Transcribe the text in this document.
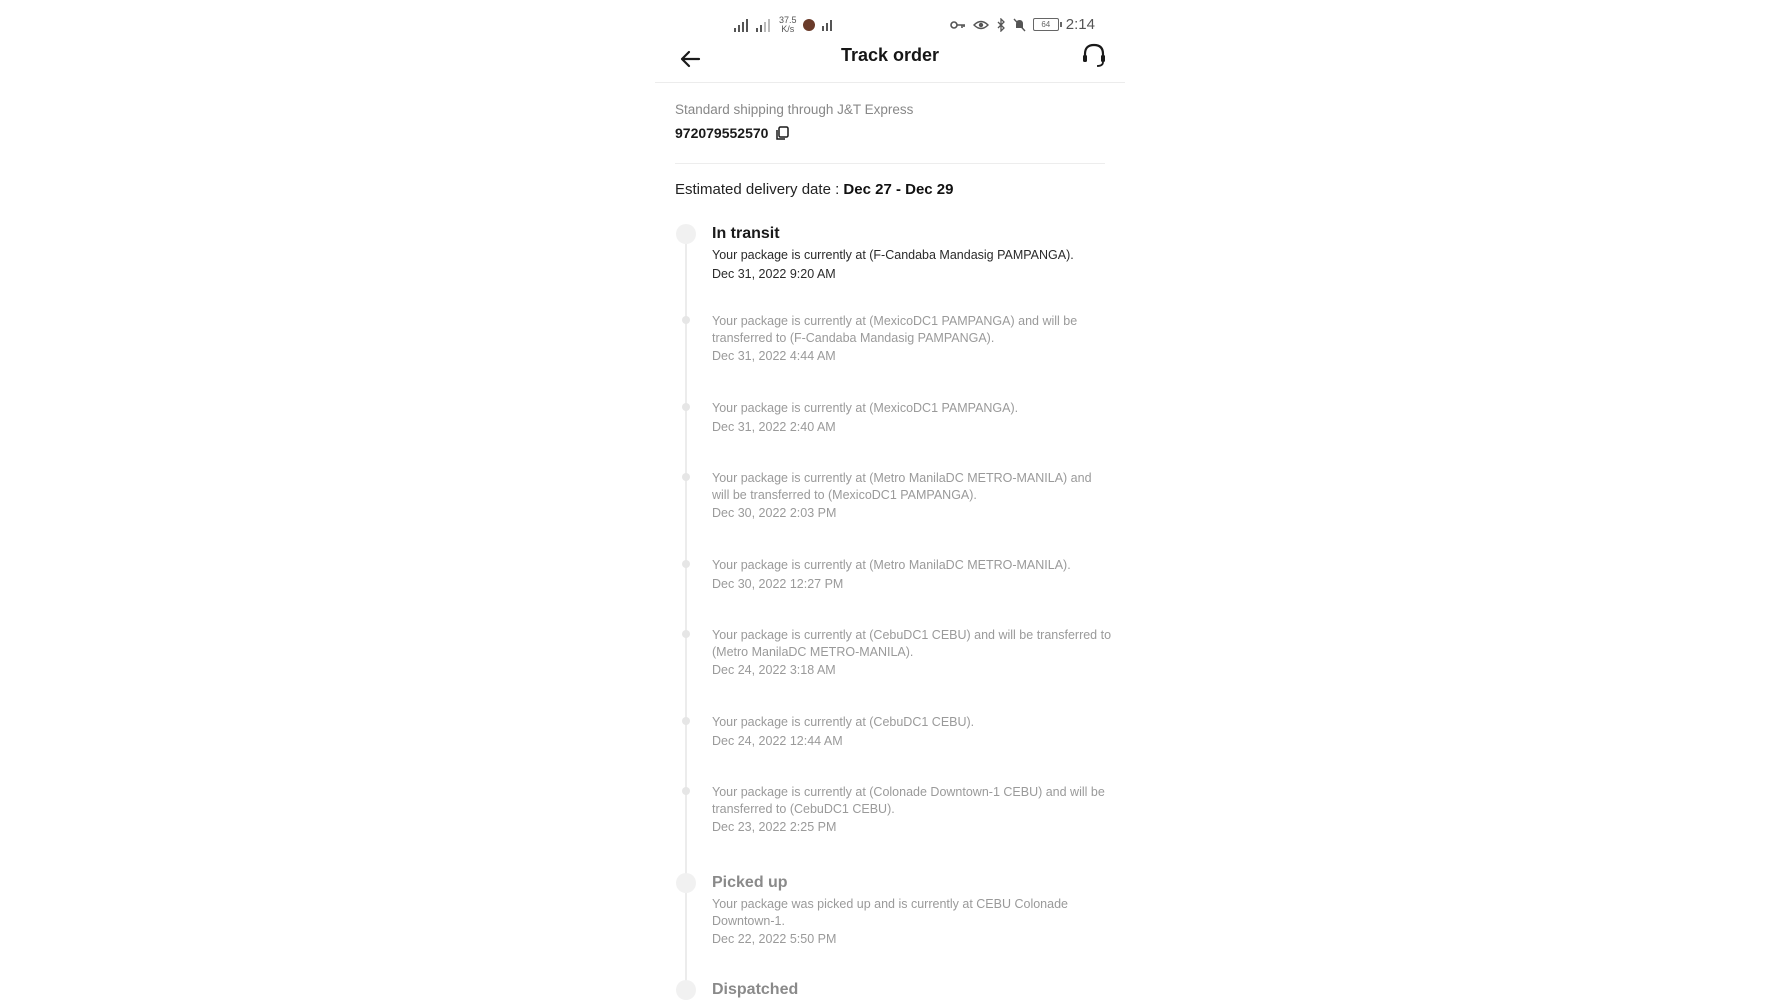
37.5
K/s	64 2:14
Track order
Standard shipping through J&T Express
972079552570
Estimated delivery date : Dec 27 - Dec 29
In transit
Your package is currently at (F-Candaba Mandasig PAMPANGA).
Dec 31, 2022 9:20 AM
Your package is currently at (MexicoDC1 PAMPANGA) and will be transferred to (F-Candaba Mandasig PAMPANGA).
Dec 31, 2022 4:44 AM
Your package is currently at (MexicoDC1 PAMPANGA).
Dec 31, 2022 2:40 AM
Your package is currently at (Metro ManilaDC METRO-MANILA) and will be transferred to (MexicoDC1 PAMPANGA).
Dec 30, 2022 2:03 PM
Your package is currently at (Metro ManilaDC METRO-MANILA).
Dec 30, 2022 12:27 PM
Your package is currently at (CebuDC1 CEBU) and will be transferred to (Metro ManilaDC METRO-MANILA).
Dec 24, 2022 3:18 AM
Your package is currently at (CebuDC1 CEBU).
Dec 24, 2022 12:44 AM
Your package is currently at (Colonade Downtown-1 CEBU) and will be transferred to (CebuDC1 CEBU).
Dec 23, 2022 2:25 PM
Picked up
Your package was picked up and is currently at CEBU Colonade Downtown-1.
Dec 22, 2022 5:50 PM
Dispatched
